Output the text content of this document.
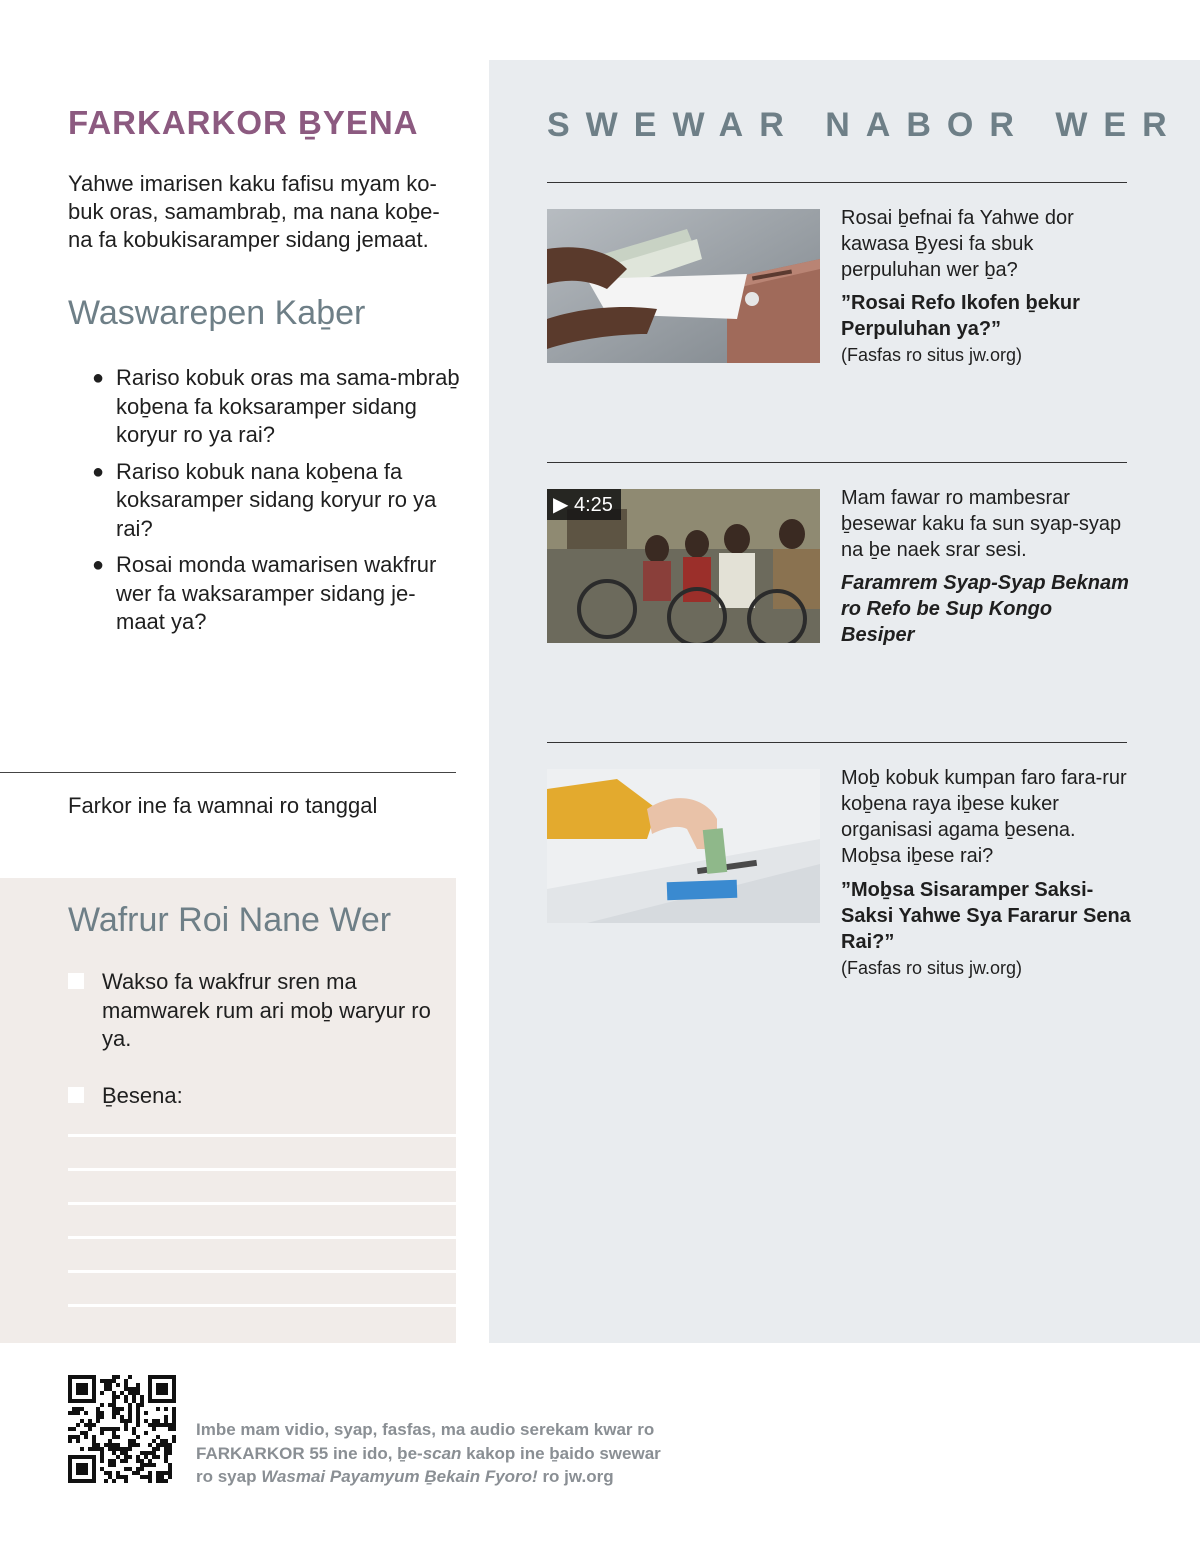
FARKARKOR ḆYENA

Yahwe imarisen kaku fafisu myam ko-buk oras, samambraḇ, ma nana koḇe-na fa kobukisaramper sidang jemaat.

Waswarepen Kaḇer
● Rariso kobuk oras ma sama-mbraḇ koḇena fa koksaramper sidang koryur ro ya rai?
● Rariso kobuk nana koḇena fa koksaramper sidang koryur ro ya rai?
● Rosai monda wamarisen wakfrur wer fa waksaramper sidang je-maat ya?

Farkor ine fa wamnai ro tanggal

Wafrur Roi Nane Wer
Wakso fa wakfrur sren ma mamwarek rum ari moḇ waryur ro ya.
Ḇesena:
SWEWAR NABOR WER

Rosai ḇefnai fa Yahwe dor kawasa Ḇyesi fa sbuk perpuluhan wer ḇa?

”Rosai Refo Ikofen ḇekur Perpuluhan ya?”

(Fasfas ro situs jw.org)

▶ 4:25	Mam fawar ro mambesrar ḇesewar kaku fa sun syap-syap na ḇe naek srar sesi.

Faramrem Syap-Syap Beknam ro Refo be Sup Kongo Besiper

Moḇ kobuk kumpan faro fara-rur koḇena raya iḇese kuker organisasi agama ḇesena. Moḇsa iḇese rai?

”Moḇsa Sisaramper Saksi-Saksi Yahwe Sya Fararur Sena Rai?”

(Fasfas ro situs jw.org)

Imbe mam vidio, syap, fasfas, ma audio serekam kwar ro
FARKARKOR 55 ine ido, ḇe-scan kakop ine ḇaido swewar
ro syap Wasmai Payamyum Ḇekain Fyoro! ro jw.org
